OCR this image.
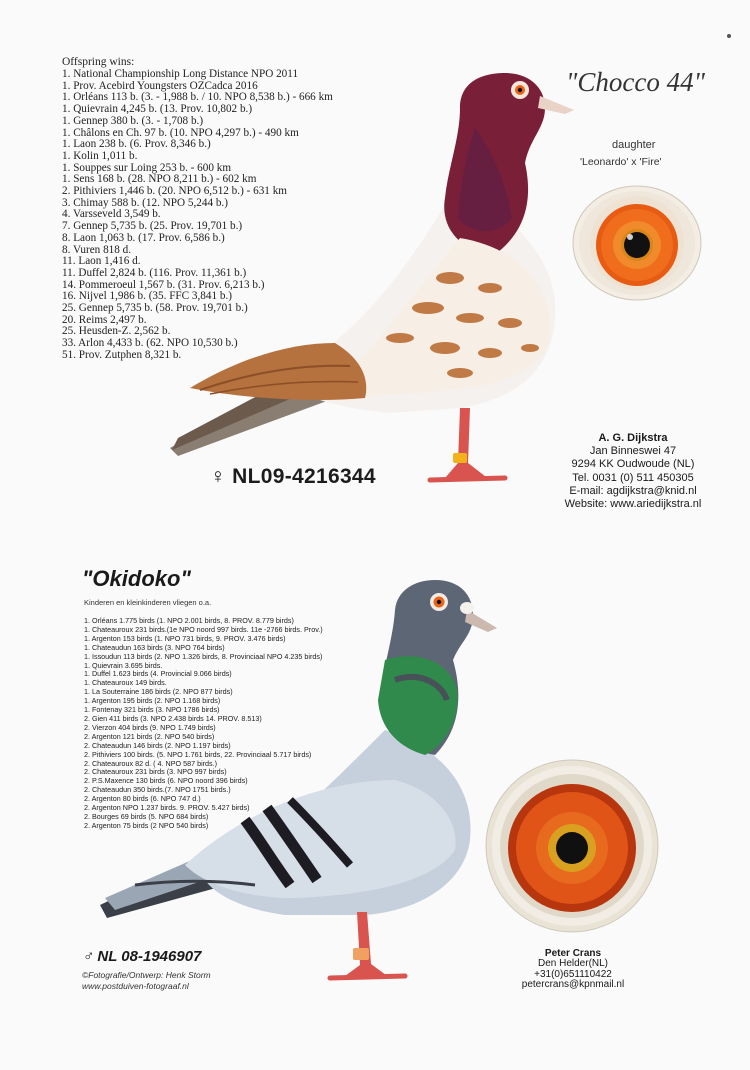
Offspring wins:
1. National Championship Long Distance NPO 2011
1. Prov. Acebird Youngsters OZCadca 2016
1. Orléans 113 b. (3. - 1,988 b. / 10. NPO 8,538 b.) - 666 km
1. Quievrain 4,245 b. (13. Prov. 10,802 b.)
1. Gennep 380 b. (3. - 1,708 b.)
1. Châlons en Ch. 97 b. (10. NPO 4,297 b.) - 490 km
1. Laon 238 b. (6. Prov. 8,346 b.)
1. Kolin 1,011 b.
1. Souppes sur Loing 253 b. - 600 km
1. Sens 168 b. (28. NPO 8,211 b.) - 602 km
2. Pithiviers 1,446 b. (20. NPO 6,512 b.) - 631 km
3. Chimay 588 b. (12. NPO 5,244 b.)
4. Varsseveld 3,549 b.
7. Gennep 5,735 b. (25. Prov. 19,701 b.)
8. Laon 1,063 b. (17. Prov. 6,586 b.)
8. Vuren 818 d.
11. Laon 1,416 d.
11. Duffel 2,824 b. (116. Prov. 11,361 b.)
14. Pommeroeul 1,567 b. (31. Prov. 6,213 b.)
16. Nijvel 1,986 b. (35. FFC 3,841 b.)
25. Gennep 5,735 b. (58. Prov. 19,701 b.)
20. Reims 2,497 b.
25. Heusden-Z. 2,562 b.
33. Arlon 4,433 b. (62. NPO 10,530 b.)
51. Prov. Zutphen 8,321 b.
"Chocco 44"
daughter
'Leonardo' x 'Fire'
♀ NL09-4216344
A. G. Dijkstra
Jan Binneswei 47
9294 KK Oudwoude (NL)
Tel. 0031 (0) 511 450305
E-mail: agdijkstra@knid.nl
Website: www.ariedijkstra.nl
"Okidoko"
Kinderen en kleinkinderen vliegen o.a.
1. Orléans 1.775 birds (1. NPO 2.001 birds, 8. PROV. 8.779 birds)
1. Chateauroux 231 birds.(1e NPO noord 997 birds. 11e -2766 birds. Prov.)
1. Argenton 153 birds (1. NPO 731 birds, 9. PROV. 3.476 birds)
1. Chateaudun 163 birds (3. NPO 764 birds)
1. Issoudun 113 birds (2. NPO 1.326 birds, 8. Provinciaal NPO 4.235 birds)
1. Quievrain 3.695 birds.
1. Duffel 1.623 birds (4. Provincial 9.066 birds)
1. Chateauroux 149 birds.
1. La Souterraine 186 birds (2. NPO 877 birds)
1. Argenton 195 birds (2. NPO 1.168 birds)
1. Fontenay 321 birds (3. NPO 1786 birds)
2. Gien 411 birds (3. NPO 2.438 birds 14. PROV. 8.513)
2. Vierzon 404 birds (9. NPO 1.749 birds)
2. Argenton 121 birds (2. NPO 540 birds)
2. Chateaudun 146 birds (2. NPO 1.197 birds)
2. Pithiviers 100 birds. (5. NPO 1.761 birds, 22. Provinciaal 5.717 birds)
2. Chateauroux 82 d. ( 4. NPO 587 birds.)
2. Chateauroux 231 birds (3. NPO 997 birds)
2. P.S.Maxence 130 birds (6. NPO noord 396 birds)
2. Chateaudun 350 birds.(7. NPO 1751 birds.)
2. Argenton 80 birds (6. NPO 747 d.)
2. Argenton NPO 1.237 birds. 9. PROV. 5.427 birds)
2. Bourges 69 birds (5. NPO 684 birds)
2. Argenton 75 birds (2 NPO 540 birds)
♂ NL 08-1946907
©Fotografie/Ontwerp: Henk Storm
www.postduiven-fotograaf.nl
Peter Crans
Den Helder(NL)
+31(0)651110422
petercrans@kpnmail.nl
